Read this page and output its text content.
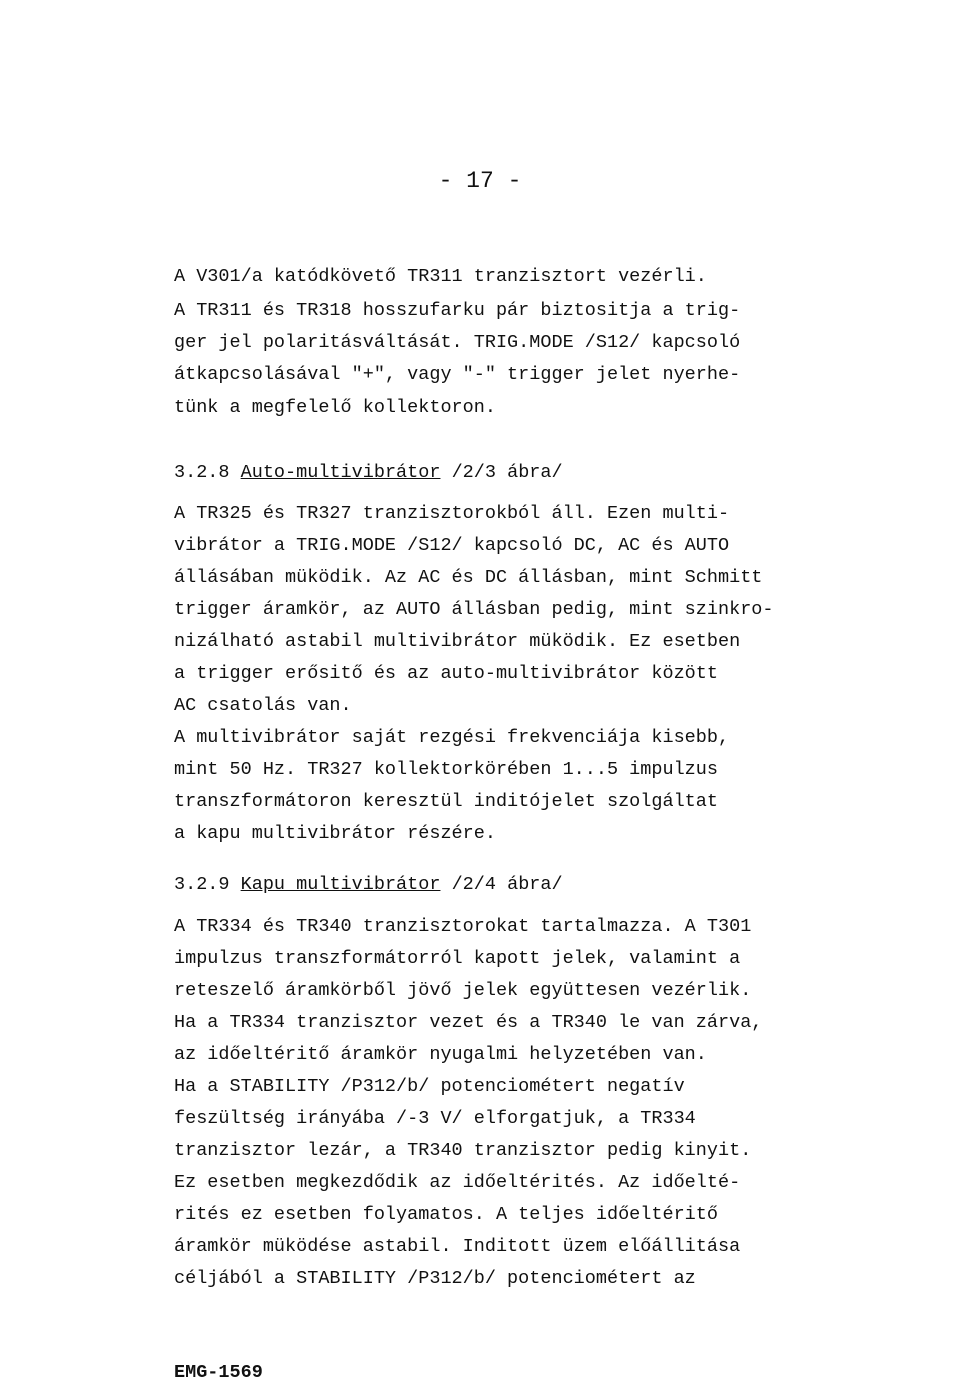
- 17 -
A V301/a katódkövető TR311 tranzisztort vezérli.
A TR311 és TR318 hosszufarku pár biztositja a trig-
ger jel polaritásváltását. TRIG.MODE /S12/ kapcsoló
átkapcsolásával "+", vagy "-" trigger jelet nyerhe-
tünk a megfelelő kollektoron.
3.2.8 Auto-multivibrátor /2/3 ábra/
A TR325 és TR327 tranzisztorokból áll. Ezen multi-
vibrátor a TRIG.MODE /S12/ kapcsoló DC, AC és AUTO
állásában müködik. Az AC és DC állásban, mint Schmitt
trigger áramkör, az AUTO állásban pedig, mint szinkro-
nizálható astabil multivibrátor müködik. Ez esetben
a trigger erősitő és az auto-multivibrátor között
AC csatolás van.
A multivibrátor saját rezgési frekvenciája kisebb,
mint 50 Hz. TR327 kollektorkörében 1...5 impulzus
transzformátoron keresztül inditójelet szolgáltat
a kapu multivibrátor részére.
3.2.9 Kapu multivibrátor /2/4 ábra/
A TR334 és TR340 tranzisztorokat tartalmazza. A T301
impulzus transzformátorról kapott jelek, valamint a
reteszelő áramkörből jövő jelek együttesen vezérlik.
Ha a TR334 tranzisztor vezet és a TR340 le van zárva,
az időeltéritő áramkör nyugalmi helyzetében van.
Ha a STABILITY /P312/b/ potenciométert negatív
feszültség irányába /-3 V/ elforgatjuk, a TR334
tranzisztor lezár, a TR340 tranzisztor pedig kinyit.
Ez esetben megkezdődik az időeltérités. Az időelté-
rités ez esetben folyamatos. A teljes időeltéritő
áramkör müködése astabil. Inditott üzem előállitása
céljából a STABILITY /P312/b/ potenciométert az
EMG-1569
